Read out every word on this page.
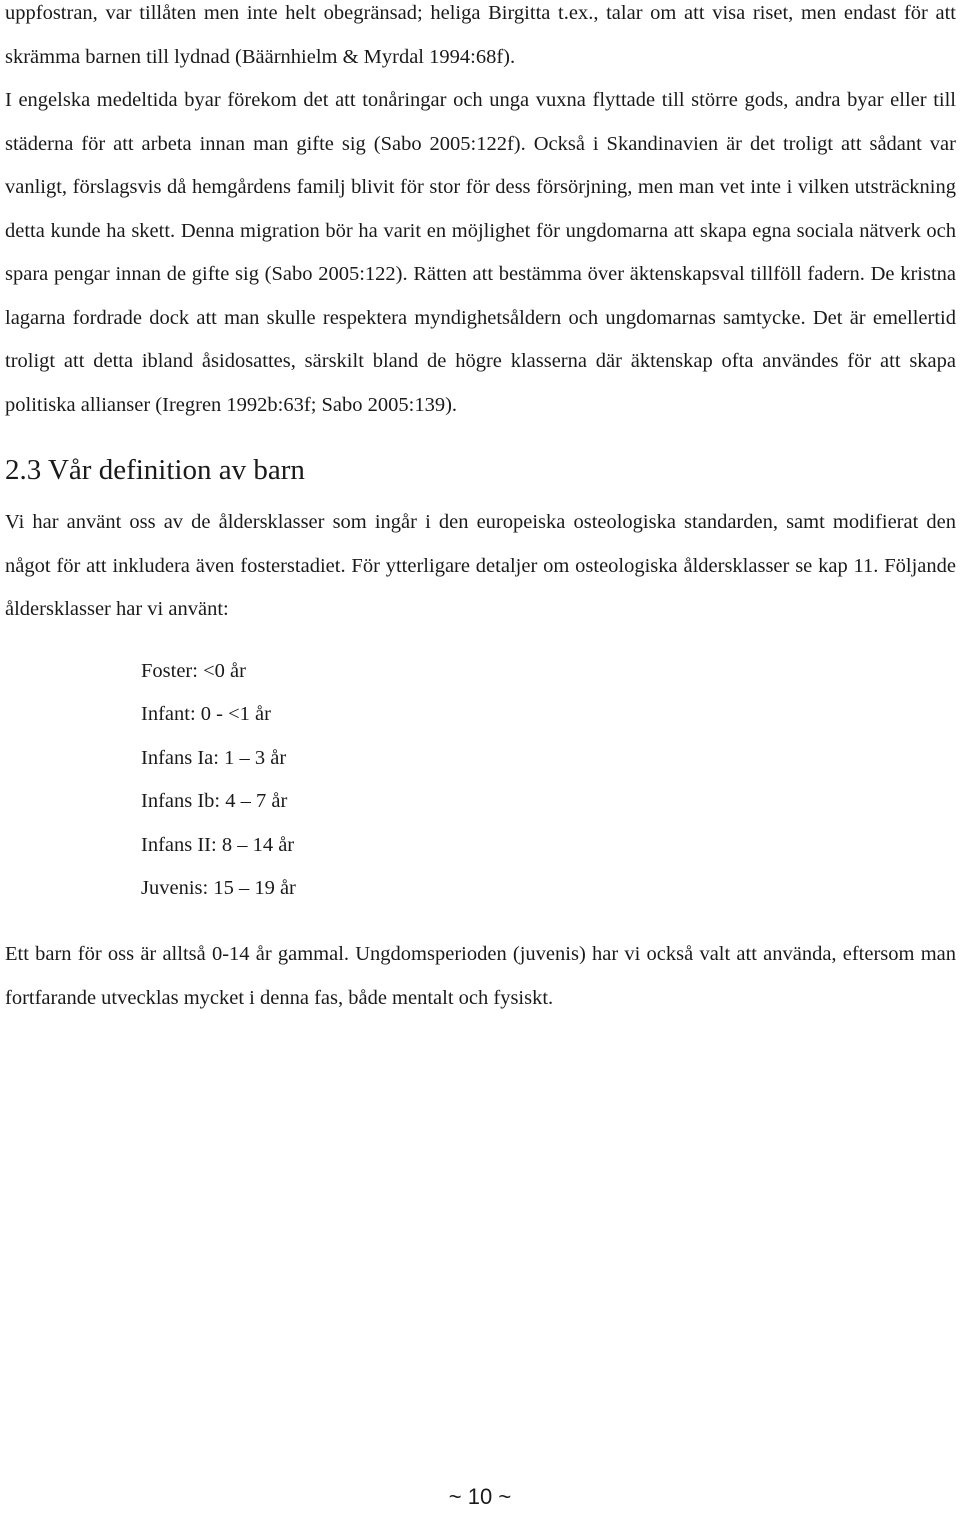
uppfostran, var tillåten men inte helt obegränsad; heliga Birgitta t.ex., talar om att visa riset, men endast för att skrämma barnen till lydnad (Bäärnhielm & Myrdal 1994:68f).

I engelska medeltida byar förekom det att tonåringar och unga vuxna flyttade till större gods, andra byar eller till städerna för att arbeta innan man gifte sig (Sabo 2005:122f). Också i Skandinavien är det troligt att sådant var vanligt, förslagsvis då hemgårdens familj blivit för stor för dess försörjning, men man vet inte i vilken utsträckning detta kunde ha skett. Denna migration bör ha varit en möjlighet för ungdomarna att skapa egna sociala nätverk och spara pengar innan de gifte sig (Sabo 2005:122). Rätten att bestämma över äktenskapsval tillföll fadern. De kristna lagarna fordrade dock att man skulle respektera myndighetsåldern och ungdomarnas samtycke. Det är emellertid troligt att detta ibland åsidosattes, särskilt bland de högre klasserna där äktenskap ofta användes för att skapa politiska allianser (Iregren 1992b:63f; Sabo 2005:139).

2.3 Vår definition av barn

Vi har använt oss av de åldersklasser som ingår i den europeiska osteologiska standarden, samt modifierat den något för att inkludera även fosterstadiet. För ytterligare detaljer om osteologiska åldersklasser se kap 11. Följande åldersklasser har vi använt:

Foster: <0 år
Infant: 0 - <1 år
Infans Ia: 1 – 3 år
Infans Ib: 4 – 7 år
Infans II: 8 – 14 år
Juvenis: 15 – 19 år

Ett barn för oss är alltså 0-14 år gammal. Ungdomsperioden (juvenis) har vi också valt att använda, eftersom man fortfarande utvecklas mycket i denna fas, både mentalt och fysiskt.

~ 10 ~
